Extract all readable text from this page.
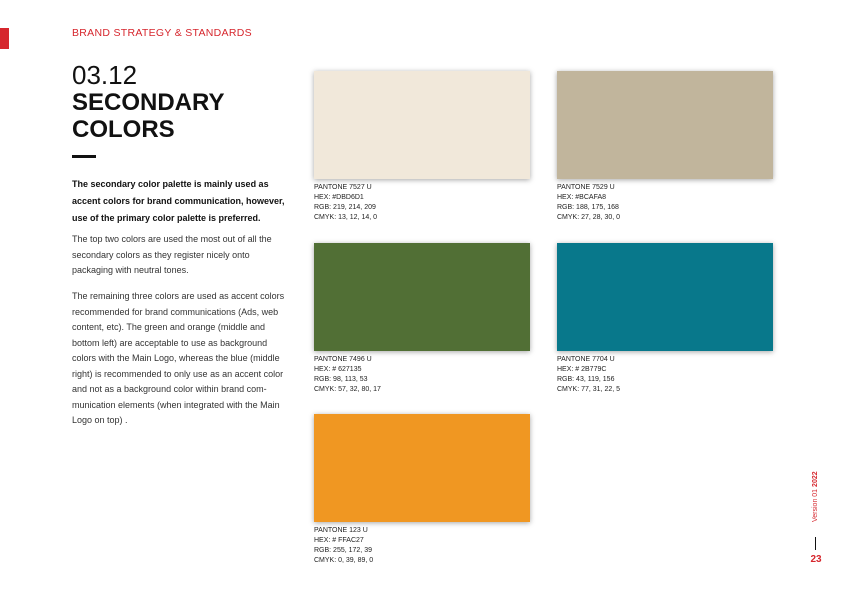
BRAND STRATEGY & STANDARDS
03.12
SECONDARY
COLORS

The secondary color palette is mainly used as accent colors for brand communication, however, use of the primary color palette is preferred.

The top two colors are used the most out of all the secondary colors as they register nicely onto packaging with neutral tones.

The remaining three colors are used as accent colors recommended for brand communications (Ads, web content, etc). The green and orange (middle and bottom left) are acceptable to use as background colors with the Main Logo, whereas the blue (middle right) is recommended to only use as an accent color and not as a background color within brand com-munication elements (when integrated with the Main Logo on top) .

PANTONE 7527 U
HEX: #DBD6D1
RGB: 219, 214, 209
CMYK: 13, 12, 14, 0
PANTONE 7529 U
HEX: #BCAFA8
RGB: 188, 175, 168
CMYK: 27, 28, 30, 0
PANTONE 7496 U
HEX: # 627135
RGB: 98, 113, 53
CMYK: 57, 32, 80, 17
PANTONE 7704 U
HEX: # 2B779C
RGB: 43, 119, 156
CMYK: 77, 31, 22, 5
PANTONE 123 U
HEX: # FFAC27
RGB: 255, 172, 39
CMYK: 0, 39, 89, 0
Version 01 2022
23
